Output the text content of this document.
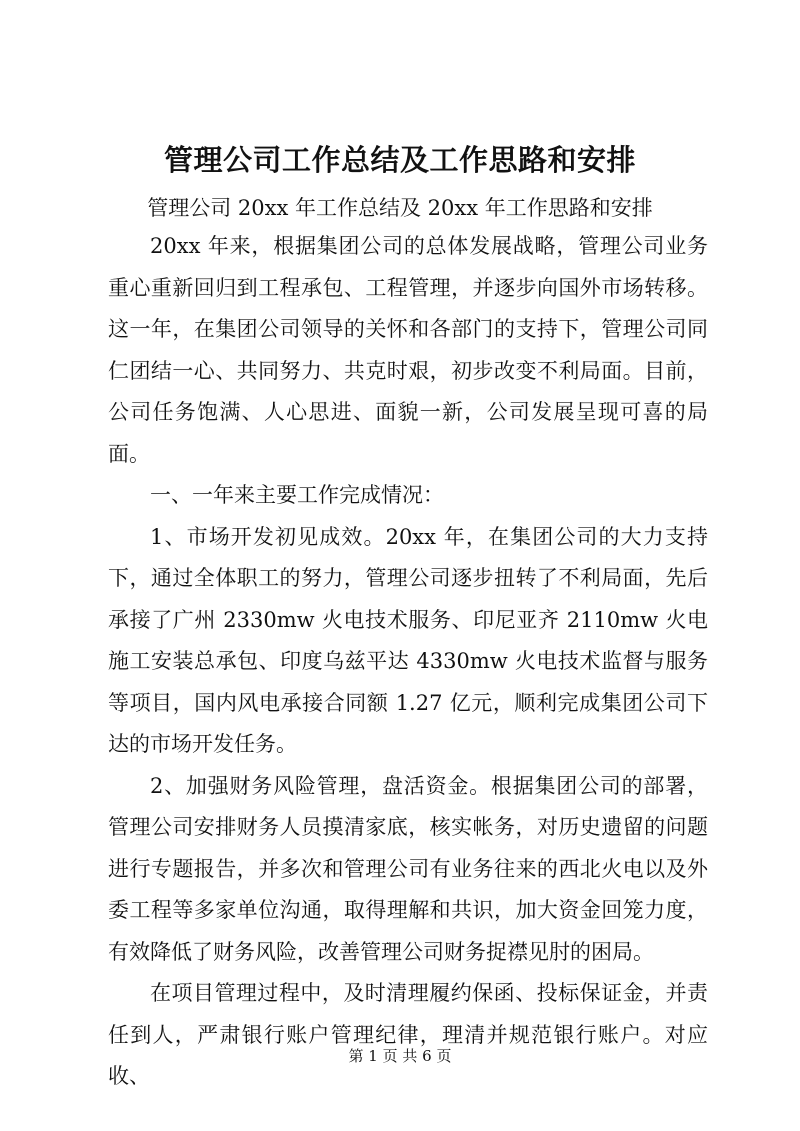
管理公司工作总结及工作思路和安排
管理公司 20xx 年工作总结及 20xx 年工作思路和安排

20xx 年来，根据集团公司的总体发展战略，管理公司业务重心重新回归到工程承包、工程管理，并逐步向国外市场转移。这一年，在集团公司领导的关怀和各部门的支持下，管理公司同仁团结一心、共同努力、共克时艰，初步改变不利局面。目前，公司任务饱满、人心思进、面貌一新，公司发展呈现可喜的局面。

一、一年来主要工作完成情况：

1、市场开发初见成效。20xx 年，在集团公司的大力支持下，通过全体职工的努力，管理公司逐步扭转了不利局面，先后承接了广州 2330mw 火电技术服务、印尼亚齐 2110mw 火电施工安装总承包、印度乌兹平达 4330mw 火电技术监督与服务等项目，国内风电承接合同额 1.27 亿元，顺利完成集团公司下达的市场开发任务。

2、加强财务风险管理，盘活资金。根据集团公司的部署，管理公司安排财务人员摸清家底，核实帐务，对历史遗留的问题进行专题报告，并多次和管理公司有业务往来的西北火电以及外委工程等多家单位沟通，取得理解和共识，加大资金回笼力度，有效降低了财务风险，改善管理公司财务捉襟见肘的困局。

在项目管理过程中，及时清理履约保函、投标保证金，并责任到人，严肃银行账户管理纪律，理清并规范银行账户。对应收、

第 1 页 共 6 页
